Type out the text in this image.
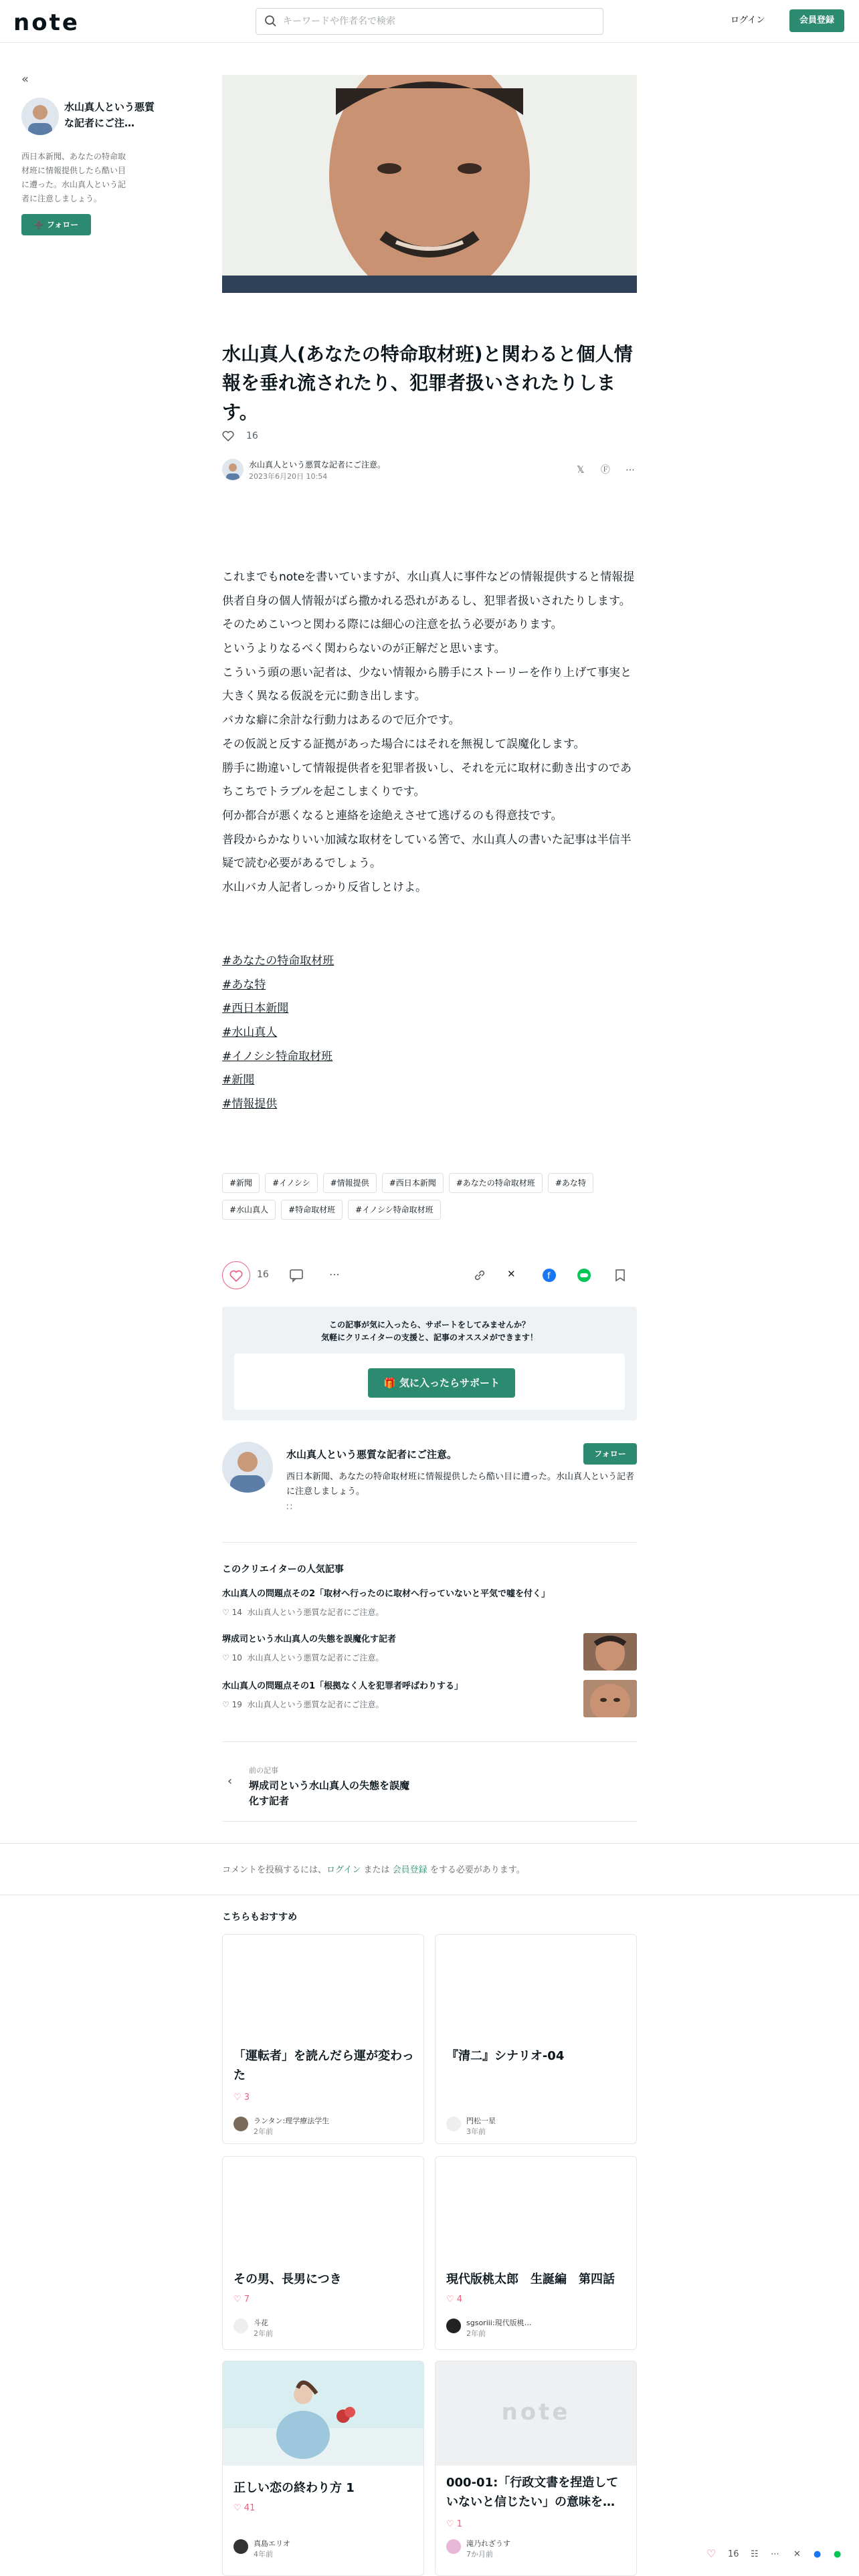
note
キーワードや作者名で検索	ログイン	会員登録
«
水山真人という悪質な記者にご注…
西日本新聞、あなたの特命取材班に情報提供したら酷い目に遭った。水山真人という記者に注意しましょう。
➕ フォロー
水山真人(あなたの特命取材班)と関わると個人情報を垂れ流されたり、犯罪者扱いされたりします。
16
水山真人という悪質な記者にご注意。
2023年6月20日 10:54
𝕏 Ⓕ ⋯

これまでもnoteを書いていますが、水山真人に事件などの情報提供すると情報提供者自身の個人情報がばら撒かれる恐れがあるし、犯罪者扱いされたりします。

そのためこいつと関わる際には細心の注意を払う必要があります。

というよりなるべく関わらないのが正解だと思います。

こういう頭の悪い記者は、少ない情報から勝手にストーリーを作り上げて事実と大きく異なる仮説を元に動き出します。

バカな癖に余計な行動力はあるので厄介です。

その仮説と反する証拠があった場合にはそれを無視して誤魔化します。

勝手に勘違いして情報提供者を犯罪者扱いし、それを元に取材に動き出すのであちこちでトラブルを起こしまくりです。

何か都合が悪くなると連絡を途絶えさせて逃げるのも得意技です。

普段からかなりいい加減な取材をしている筈で、水山真人の書いた記事は半信半疑で読む必要があるでしょう。

水山バカ人記者しっかり反省しとけよ。

#あなたの特命取材班
#あな特
#西日本新聞
#水山真人
#イノシシ特命取材班
#新聞
#情報提供
#新聞	#イノシシ	#情報提供	#西日本新聞	#あなたの特命取材班	#あな特
#水山真人	#特命取材班	#イノシシ特命取材班
16	⋯	✕	f
この記事が気に入ったら、サポートをしてみませんか？
気軽にクリエイターの支援と、記事のオススメができます！
🎁 気に入ったらサポート
水山真人という悪質な記者にご注意。	フォロー
西日本新聞、あなたの特命取材班に情報提供したら酷い目に遭った。水山真人という記者に注意しましょう。
∷
このクリエイターの人気記事
水山真人の問題点その2「取材へ行ったのに取材へ行っていないと平気で嘘を付く」
♡ 14 水山真人という悪質な記者にご注意。
堺成司という水山真人の失態を誤魔化す記者
♡ 10 水山真人という悪質な記者にご注意。
水山真人の問題点その1「根拠なく人を犯罪者呼ばわりする」
♡ 19 水山真人という悪質な記者にご注意。
‹
前の記事
堺成司という水山真人の失態を誤魔化す記者
コメントを投稿するには、ログイン または 会員登録 をする必要があります。
こちらもおすすめ
「運転者」を読んだら運が変わった
♡ 3
ランタン:理学療法学生
2年前
『清二』シナリオ-04
門松一星
3年前
その男、長男につき
♡ 7
斗花
2年前
現代版桃太郎　生誕編　第四話
♡ 4
sgsoriii:現代版桃…
2年前
正しい恋の終わり方 1
♡ 41
真島エリオ
4年前
note
000-01:「行政文書を捏造していないと信じたい」の意味を…
♡ 1
滝乃れざうす
7か月前	♡ 16 ☷ ⋯ ✕ ● ●
